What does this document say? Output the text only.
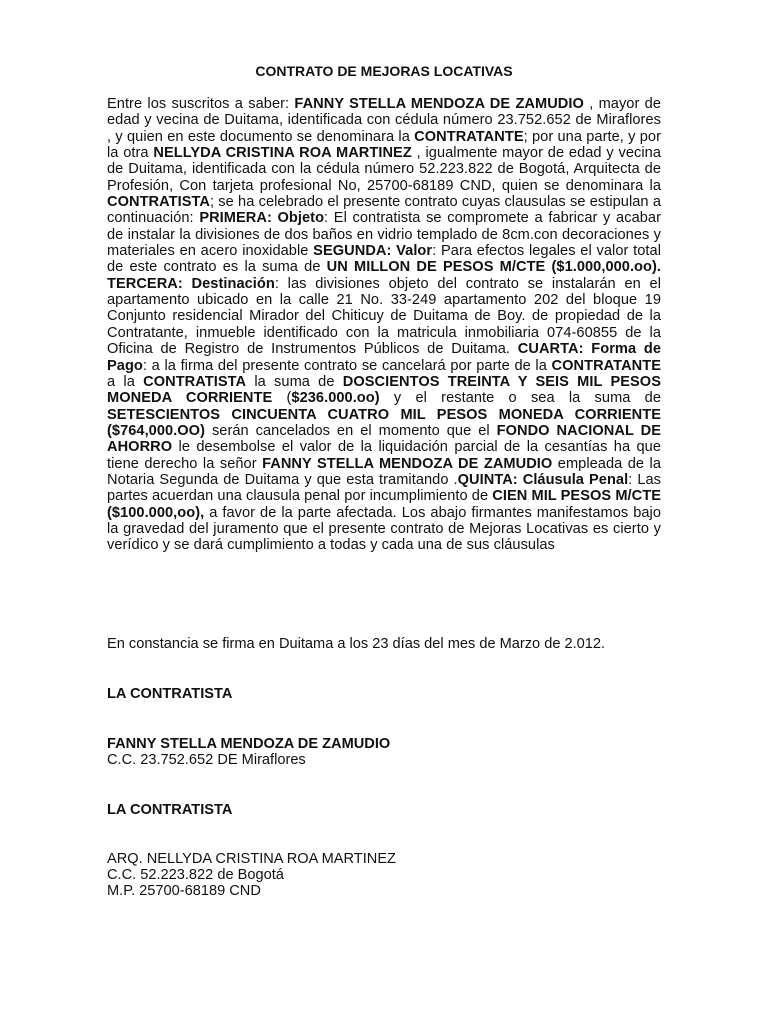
CONTRATO DE MEJORAS LOCATIVAS
Entre los suscritos a saber: FANNY STELLA MENDOZA DE ZAMUDIO , mayor de edad y vecina de Duitama, identificada con cédula número 23.752.652 de Miraflores , y quien en este documento se denominara la CONTRATANTE; por una parte, y por la otra NELLYDA CRISTINA ROA MARTINEZ , igualmente mayor de edad y vecina de Duitama, identificada con la cédula número 52.223.822 de Bogotá, Arquitecta de Profesión, Con tarjeta profesional No, 25700-68189 CND, quien se denominara la CONTRATISTA; se ha celebrado el presente contrato cuyas clausulas se estipulan a continuación: PRIMERA: Objeto: El contratista se compromete a fabricar y acabar de instalar la divisiones de dos baños en vidrio templado de 8cm.con decoraciones y materiales en acero inoxidable SEGUNDA: Valor: Para efectos legales el valor total de este contrato es la suma de UN MILLON DE PESOS M/CTE ($1.000,000.oo). TERCERA: Destinación: las divisiones objeto del contrato se instalarán en el apartamento ubicado en la calle 21 No. 33-249 apartamento 202 del bloque 19 Conjunto residencial Mirador del Chiticuy de Duitama de Boy. de propiedad de la Contratante, inmueble identificado con la matricula inmobiliaria 074-60855 de la Oficina de Registro de Instrumentos Públicos de Duitama. CUARTA: Forma de Pago: a la firma del presente contrato se cancelará por parte de la CONTRATANTE a la CONTRATISTA la suma de DOSCIENTOS TREINTA Y SEIS MIL PESOS MONEDA CORRIENTE ($236.000.oo) y el restante o sea la suma de SETESCIENTOS CINCUENTA CUATRO MIL PESOS MONEDA CORRIENTE ($764,000.OO) serán cancelados en el momento que el FONDO NACIONAL DE AHORRO le desembolse el valor de la liquidación parcial de la cesantías ha que tiene derecho la señor FANNY STELLA MENDOZA DE ZAMUDIO empleada de la Notaria Segunda de Duitama y que esta tramitando .QUINTA: Cláusula Penal: Las partes acuerdan una clausula penal por incumplimiento de CIEN MIL PESOS M/CTE ($100.000,oo), a favor de la parte afectada. Los abajo firmantes manifestamos bajo la gravedad del juramento que el presente contrato de Mejoras Locativas es cierto y verídico y se dará cumplimiento a todas y cada una de sus cláusulas
En constancia se firma en Duitama a los 23 días del mes de Marzo de 2.012.
LA CONTRATISTA
FANNY STELLA MENDOZA DE ZAMUDIO
C.C. 23.752.652 DE Miraflores
LA CONTRATISTA
ARQ. NELLYDA CRISTINA ROA MARTINEZ
C.C. 52.223.822 de Bogotá
M.P. 25700-68189 CND
